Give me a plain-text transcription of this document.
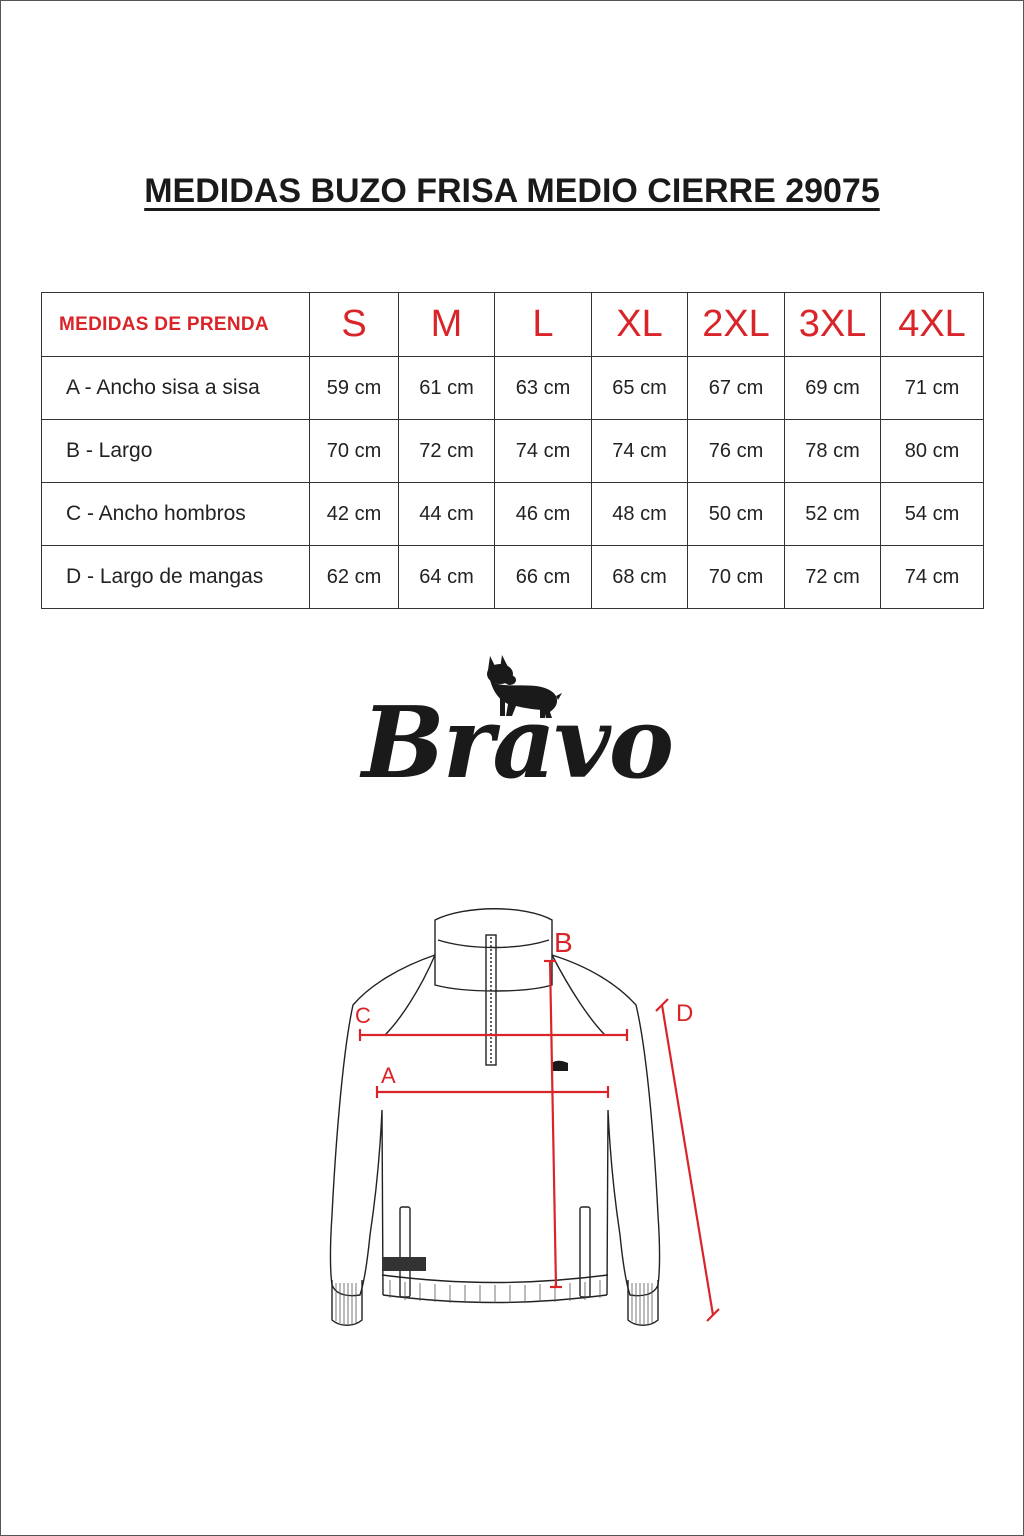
MEDIDAS BUZO FRISA MEDIO CIERRE 29075
MEDIDAS DE PRENDA	S	M	L	XL	2XL	3XL	4XL
A - Ancho sisa a sisa	59 cm	61 cm	63 cm	65 cm	67 cm	69 cm	71 cm
B - Largo	70 cm	72 cm	74 cm	74 cm	76 cm	78 cm	80 cm
C - Ancho hombros	42 cm	44 cm	46 cm	48 cm	50 cm	52 cm	54 cm
D - Largo de mangas	62 cm	64 cm	66 cm	68 cm	70 cm	72 cm	74 cm
Bravo
C
A
B
D
